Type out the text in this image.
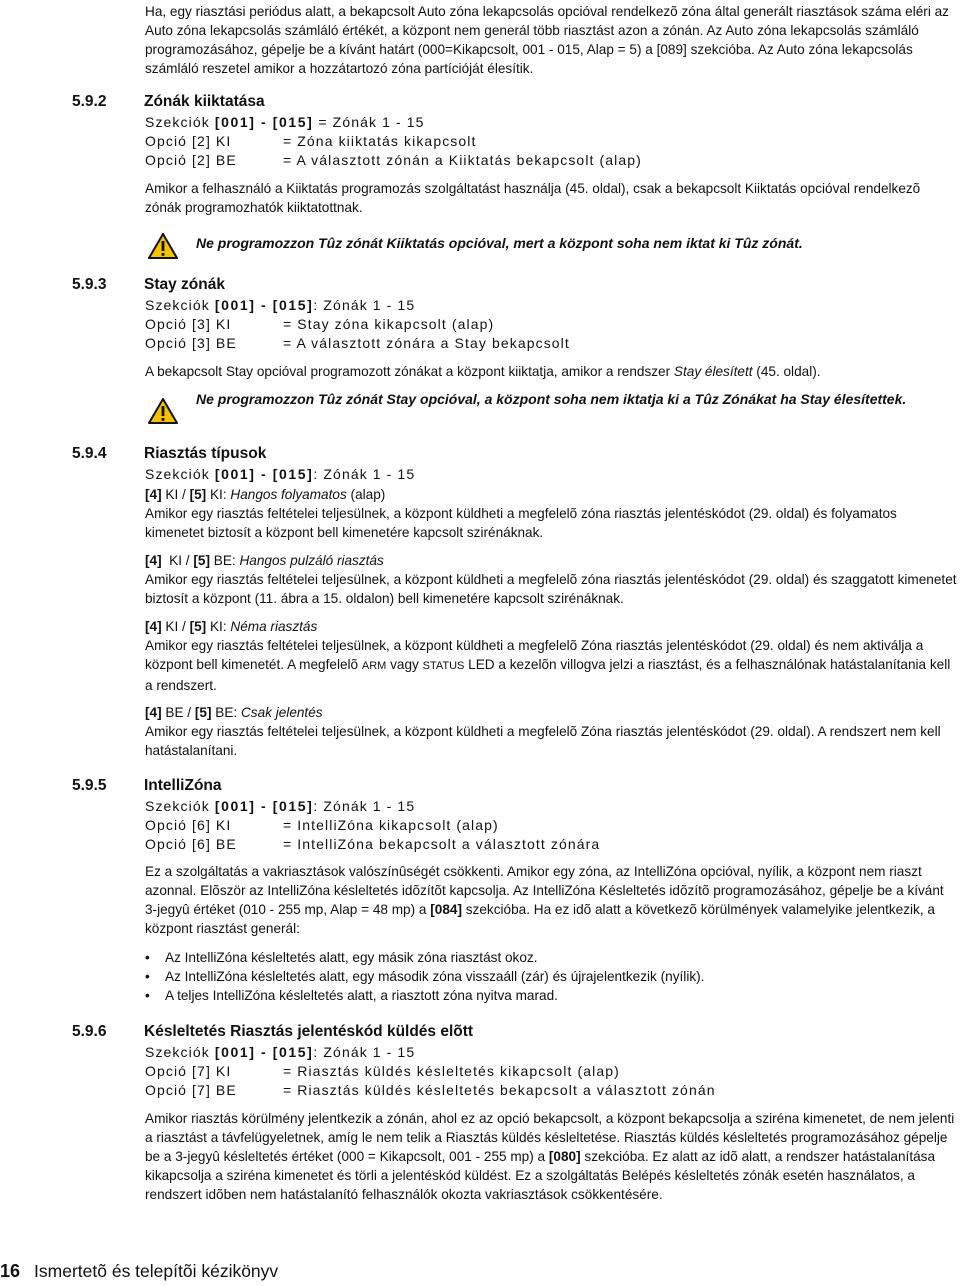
Ha, egy riasztási periódus alatt, a bekapcsolt Auto zóna lekapcsolás opcióval rendelkezõ zóna által generált riasztások száma eléri az Auto zóna lekapcsolás számláló értékét, a központ nem generál több riasztást azon a zónán. Az Auto zóna lekapcsolás számláló programozásához, gépelje be a kívánt határt (000=Kikapcsolt, 001 - 015, Alap = 5) a [089] szekcióba. Az Auto zóna lekapcsolás számláló reszetel amikor a hozzátartozó zóna partícióját élesítik.

5.9.2 Zónák kiiktatása
Szekciók [001] - [015] = Zónák 1 - 15
Opció [2] KI	= Zóna kiiktatás kikapcsolt
Opció [2] BE	= A választott zónán a Kiiktatás bekapcsolt (alap)

Amikor a felhasználó a Kiiktatás programozás szolgáltatást használja (45. oldal), csak a bekapcsolt Kiiktatás opcióval rendelkezõ zónák programozhatók kiiktatottnak.

Ne programozzon Tûz zónát Kiiktatás opcióval, mert a központ soha nem iktat ki Tûz zónát.

5.9.3 Stay zónák
Szekciók [001] - [015] : Zónák 1 - 15
Opció [3] KI	= Stay zóna kikapcsolt (alap)
Opció [3] BE	= A választott zónára a Stay bekapcsolt

A bekapcsolt Stay opcióval programozott zónákat a központ kiiktatja, amikor a rendszer Stay élesített (45. oldal).

Ne programozzon Tûz zónát Stay opcióval, a központ soha nem iktatja ki a Tûz Zónákat ha Stay élesítettek.

5.9.4 Riasztás típusok
Szekciók [001] - [015] : Zónák 1 - 15

[4] KI / [5] KI: Hangos folyamatos (alap)

Amikor egy riasztás feltételei teljesülnek, a központ küldheti a megfelelõ zóna riasztás jelentéskódot (29. oldal) és folyamatos kimenetet biztosít a központ bell kimenetére kapcsolt szirénáknak.

[4]  KI / [5] BE: Hangos pulzáló riasztás

Amikor egy riasztás feltételei teljesülnek, a központ küldheti a megfelelõ zóna riasztás jelentéskódot (29. oldal) és szaggatott kimenetet biztosít a központ (11. ábra a 15. oldalon) bell kimenetére kapcsolt szirénáknak.

[4] KI / [5] KI: Néma riasztás

Amikor egy riasztás feltételei teljesülnek, a központ küldheti a megfelelõ Zóna riasztás jelentéskódot (29. oldal) és nem aktiválja a központ bell kimenetét. A megfelelõ ARM vagy STATUS LED a kezelõn villogva jelzi a riasztást, és a felhasználónak hatástalanítania kell a rendszert.

[4] BE / [5] BE: Csak jelentés

Amikor egy riasztás feltételei teljesülnek, a központ küldheti a megfelelõ Zóna riasztás jelentéskódot (29. oldal). A rendszert nem kell hatástalanítani.

5.9.5 IntelliZóna
Szekciók [001] - [015] : Zónák 1 - 15
Opció [6] KI	= IntelliZóna kikapcsolt (alap)
Opció [6] BE	= IntelliZóna bekapcsolt a választott zónára

Ez a szolgáltatás a vakriasztások valószínûségét csökkenti. Amikor egy zóna, az IntelliZóna opcióval, nyílik, a központ nem riaszt azonnal. Elõször az IntelliZóna késleltetés idõzítõt kapcsolja. Az IntelliZóna Késleltetés idõzítõ programozásához, gépelje be a kívánt 3-jegyû értéket (010 - 255 mp, Alap = 48 mp) a [084] szekcióba. Ha ez idõ alatt a következõ körülmények valamelyike jelentkezik, a központ riasztást generál:

• Az IntelliZóna késleltetés alatt, egy másik zóna riasztást okoz.
• Az IntelliZóna késleltetés alatt, egy második zóna visszaáll (zár) és újrajelentkezik (nyílik).
• A teljes IntelliZóna késleltetés alatt, a riasztott zóna nyitva marad.
5.9.6 Késleltetés Riasztás jelentéskód küldés elõtt
Szekciók [001] - [015] : Zónák 1 - 15
Opció [7] KI	= Riasztás küldés késleltetés kikapcsolt (alap)
Opció [7] BE	= Riasztás küldés késleltetés bekapcsolt a választott zónán

Amikor riasztás körülmény jelentkezik a zónán, ahol ez az opció bekapcsolt, a központ bekapcsolja a sziréna kimenetet, de nem jelenti a riasztást a távfelügyeletnek, amíg le nem telik a Riasztás küldés késleltetése. Riasztás küldés késleltetés programozásához gépelje be a 3-jegyû késleltetés értéket (000 = Kikapcsolt, 001 - 255 mp) a [080] szekcióba. Ez alatt az idõ alatt, a rendszer hatástalanítása kikapcsolja a sziréna kimenetet és törli a jelentéskód küldést. Ez a szolgáltatás Belépés késleltetés zónák esetén használatos, a rendszert idõben nem hatástalanító felhasználók okozta vakriasztások csökkentésére.

16 Ismertetõ és telepítõi kézikönyv
